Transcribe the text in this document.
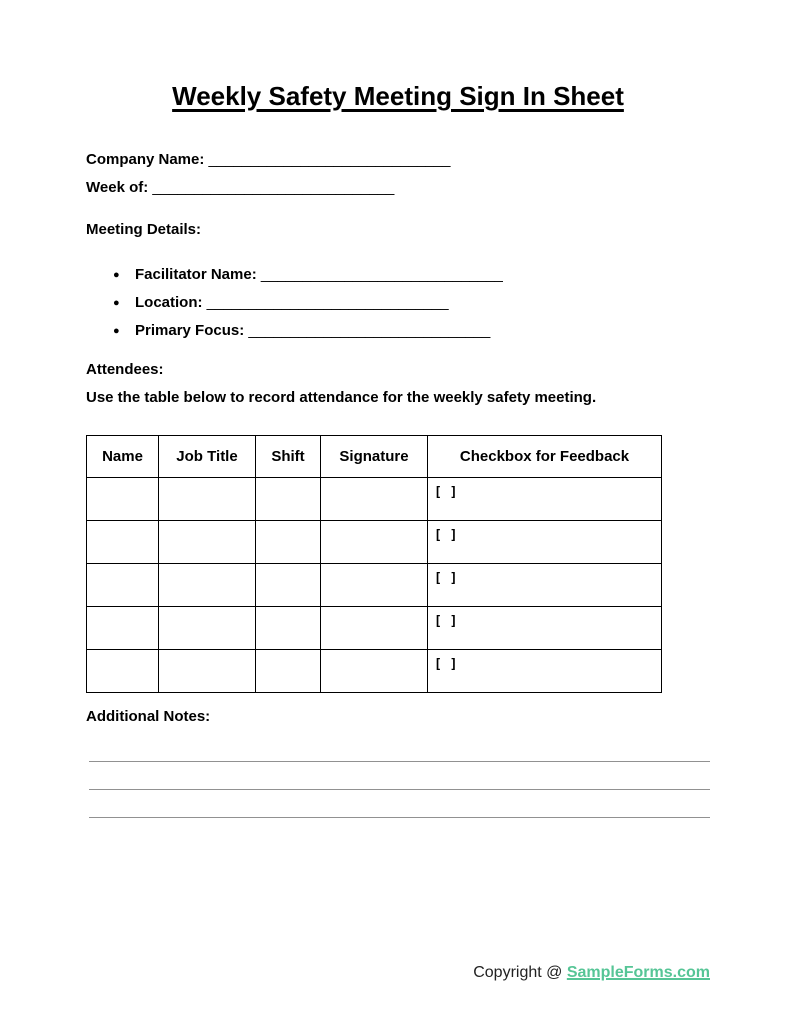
Weekly Safety Meeting Sign In Sheet
Company Name: _____________________________
Week of: _____________________________
Meeting Details:
● Facilitator Name: _____________________________
● Location: _____________________________
● Primary Focus: _____________________________
Attendees:
Use the table below to record attendance for the weekly safety meeting.
Name	Job Title	Shift	Signature	Checkbox for Feedback
				[ ]
				[ ]
				[ ]
				[ ]
				[ ]
Additional Notes:
Copyright @ SampleForms.com
